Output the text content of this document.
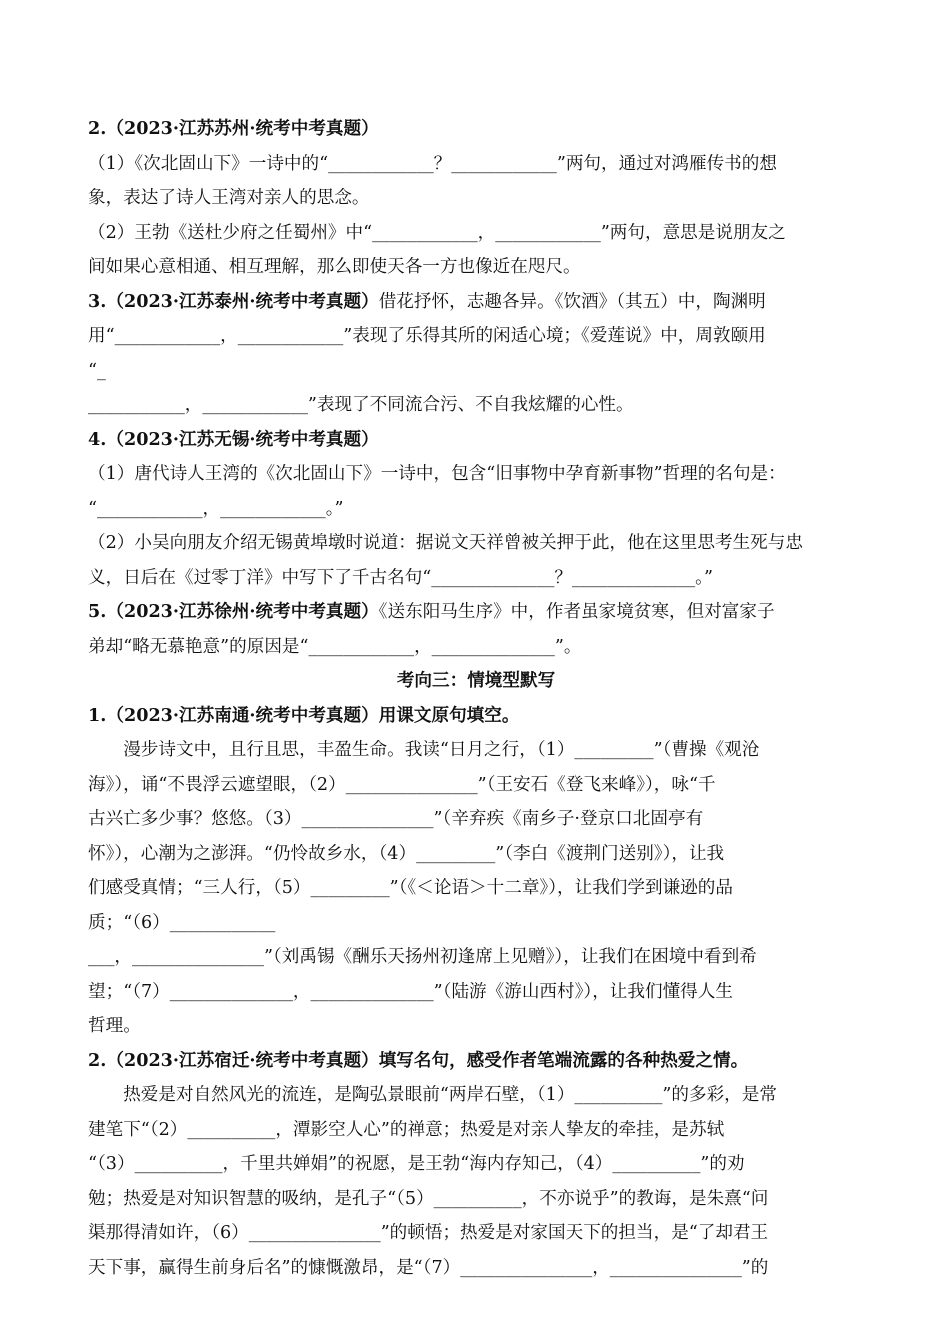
2.（2023·江苏苏州·统考中考真题）
（1）《次北固山下》一诗中的“____________？____________”两句，通过对鸿雁传书的想
象，表达了诗人王湾对亲人的思念。
（2）王勃《送杜少府之任蜀州》中“____________，____________”两句，意思是说朋友之
间如果心意相通、相互理解，那么即使天各一方也像近在咫尺。
3.（2023·江苏泰州·统考中考真题）借花抒怀，志趣各异。《饮酒》（其五）中，陶渊明
用“____________，____________”表现了乐得其所的闲适心境；《爱莲说》中，周敦颐用
“_
___________，____________”表现了不同流合污、不自我炫耀的心性。
4.（2023·江苏无锡·统考中考真题）
（1）唐代诗人王湾的《次北固山下》一诗中，包含“旧事物中孕育新事物”哲理的名句是：
“____________，____________。”
（2）小吴向朋友介绍无锡黄埠墩时说道：据说文天祥曾被关押于此，他在这里思考生死与忠
义，日后在《过零丁洋》中写下了千古名句“______________？______________。”
5.（2023·江苏徐州·统考中考真题）《送东阳马生序》中，作者虽家境贫寒，但对富家子
弟却“略无慕艳意”的原因是“____________，______________”。
考向三：情境型默写
1.（2023·江苏南通·统考中考真题）用课文原句填空。
　　漫步诗文中，且行且思，丰盈生命。我读“日月之行，（1）_________”（曹操《观沧
海》），诵“不畏浮云遮望眼，（2）_______________”（王安石《登飞来峰》），咏“千
古兴亡多少事？悠悠。（3）_______________”（辛弃疾《南乡子·登京口北固亭有
怀》），心潮为之澎湃。“仍怜故乡水，（4）_________”（李白《渡荆门送别》），让我
们感受真情；“三人行，（5）_________”（《＜论语＞十二章》），让我们学到谦逊的品
质；“（6）____________
___，_______________”（刘禹锡《酬乐天扬州初逢席上见赠》），让我们在困境中看到希
望；“（7）______________，______________”（陆游《游山西村》），让我们懂得人生
哲理。
2.（2023·江苏宿迁·统考中考真题）填写名句，感受作者笔端流露的各种热爱之情。
　　热爱是对自然风光的流连，是陶弘景眼前“两岸石壁，（1）__________”的多彩，是常
建笔下“（2）__________，潭影空人心”的禅意；热爱是对亲人挚友的牵挂，是苏轼
“（3）__________，千里共婵娟”的祝愿，是王勃“海内存知己，（4）__________”的劝
勉；热爱是对知识智慧的吸纳，是孔子“（5）__________，不亦说乎”的教诲，是朱熹“问
渠那得清如许，（6）_______________”的顿悟；热爱是对家国天下的担当，是“了却君王
天下事，赢得生前身后名”的慷慨激昂，是“（7）_______________，_______________”的
